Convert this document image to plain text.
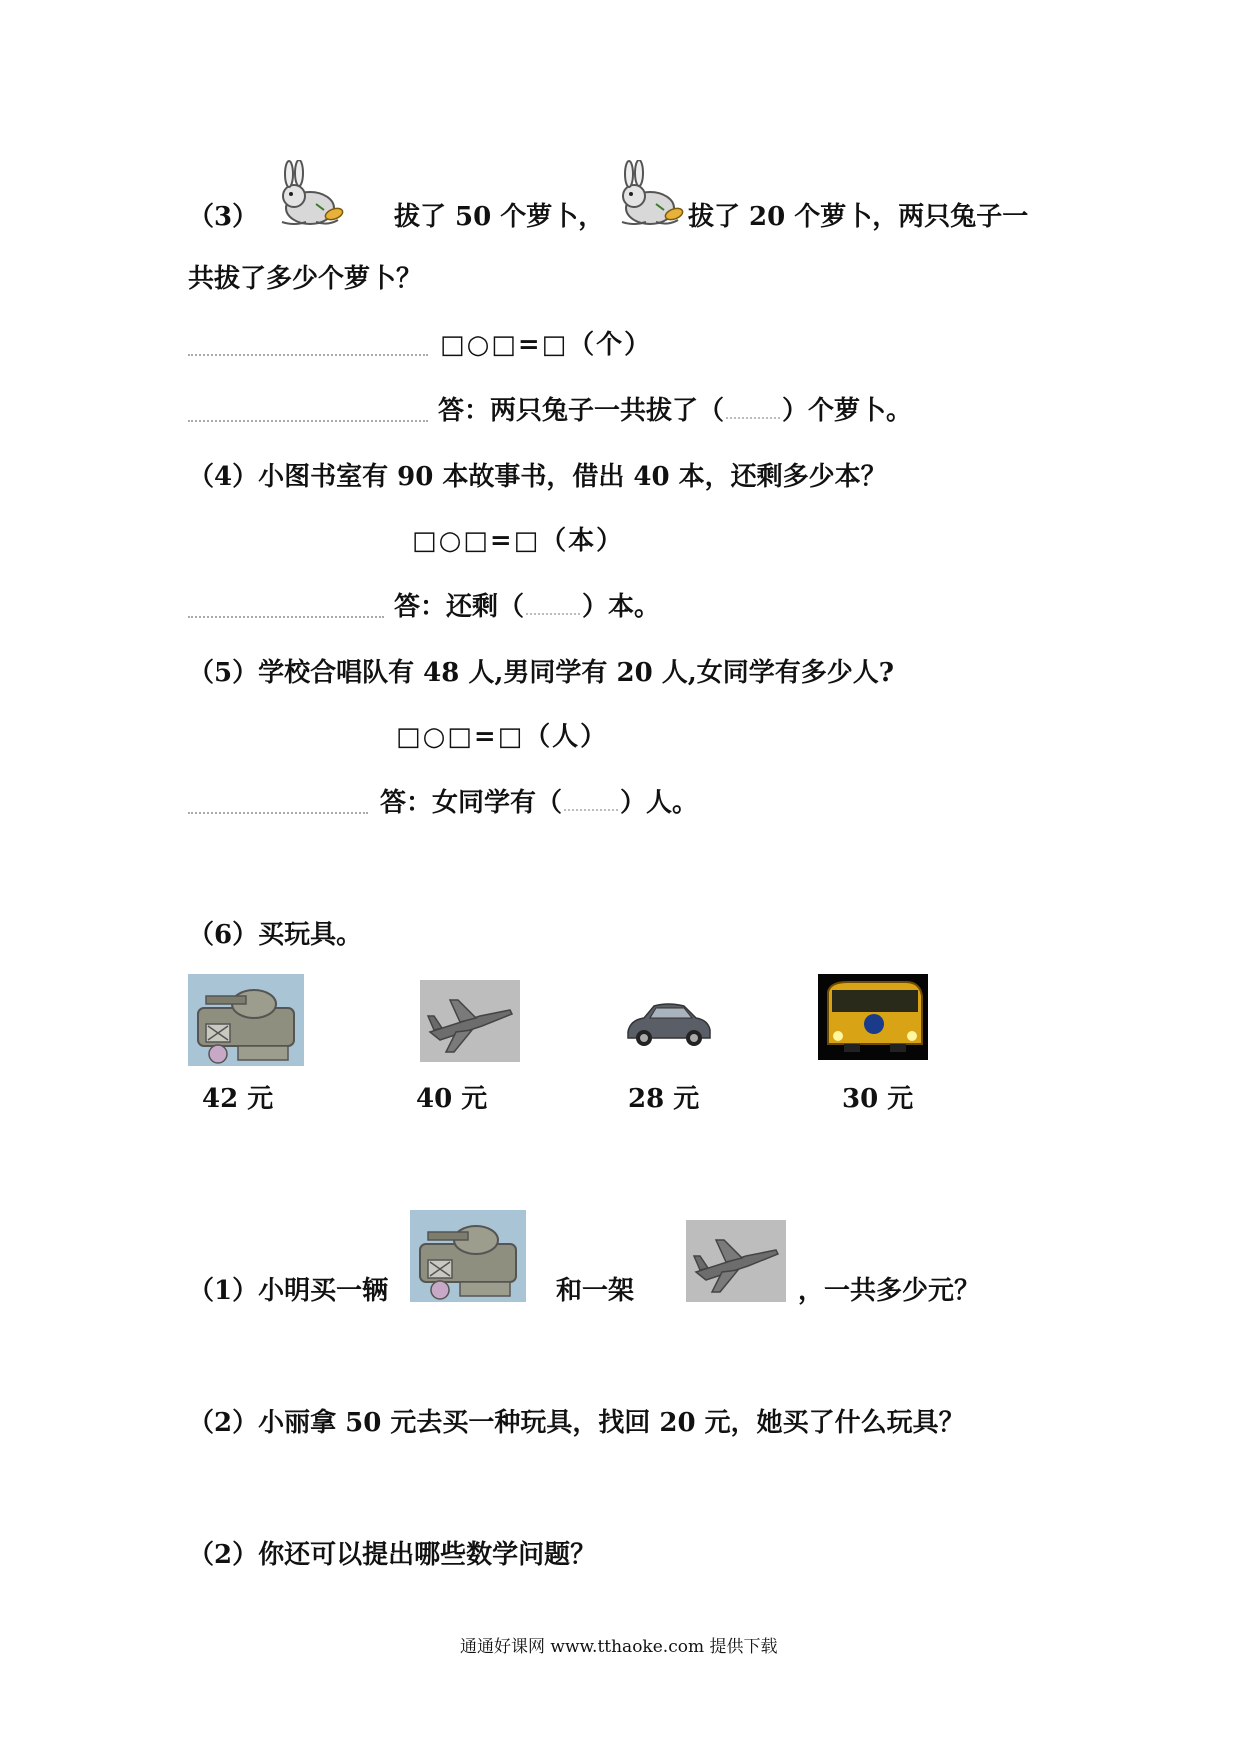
（3）	拔了 50 个萝卜，	拔了 20 个萝卜，两只兔子一
共拔了多少个萝卜？
□○□=□（个）
答：两只兔子一共拔了（ ）个萝卜。
（4）小图书室有 90 本故事书，借出 40 本，还剩多少本？
□○□=□（本）
答：还剩（ ）本。
（5）学校合唱队有 48 人,男同学有 20 人,女同学有多少人?
□○□=□（人）
答：女同学有（ ）人。
（6）买玩具。
42 元	40 元	28 元	30 元
（1）小明买一辆	和一架	，一共多少元？
（2）小丽拿 50 元去买一种玩具，找回 20 元，她买了什么玩具？
（2）你还可以提出哪些数学问题？
通通好课网 www.tthaoke.com 提供下载
